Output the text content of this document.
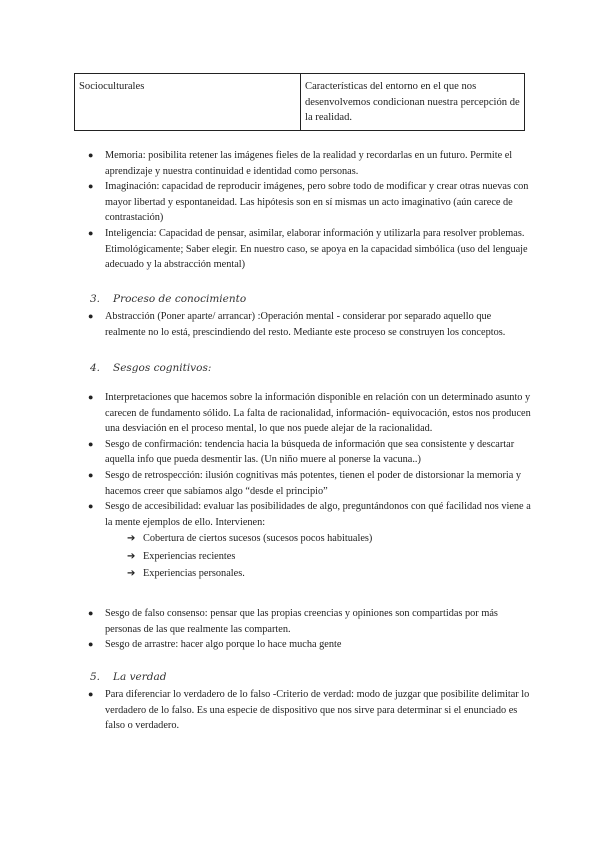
Socioculturales	Características del entorno en el que nos desenvolvemos condicionan nuestra percepción de la realidad.
● Memoria: posibilita retener las imágenes fieles de la realidad y recordarlas en un futuro. Permite el aprendizaje y nuestra continuidad e identidad como personas.
● Imaginación: capacidad de reproducir imágenes, pero sobre todo de modificar y crear otras nuevas con mayor libertad y espontaneidad. Las hipótesis son en sí mismas un acto imaginativo (aún carece de contrastación)
● Inteligencia: Capacidad de pensar, asimilar, elaborar información y utilizarla para resolver problemas. Etimológicamente; Saber elegir. En nuestro caso, se apoya en la capacidad simbólica (uso del lenguaje adecuado y la abstracción mental)
3. Proceso de conocimiento
● Abstracción (Poner aparte/ arrancar) :Operación mental - considerar por separado aquello que realmente no lo está, prescindiendo del resto. Mediante este proceso se construyen los conceptos.
4. Sesgos cognitivos:
● Interpretaciones que hacemos sobre la información disponible en relación con un determinado asunto y carecen de fundamento sólido. La falta de racionalidad, información- equivocación, estos nos producen una desviación en el proceso mental, lo que nos puede alejar de la racionalidad.
● Sesgo de confirmación: tendencia hacia la búsqueda de información que sea consistente y descartar aquella info que pueda desmentir las. (Un niño muere al ponerse la vacuna..)
● Sesgo de retrospección: ilusión cognitivas más potentes, tienen el poder de distorsionar la memoria y hacemos creer que sabíamos algo “desde el principio”
● Sesgo de accesibilidad: evaluar las posibilidades de algo, preguntándonos con qué facilidad nos viene a la mente ejemplos de ello. Intervienen:
➔ Cobertura de ciertos sucesos (sucesos pocos habituales)
➔ Experiencias recientes
➔ Experiencias personales.
● Sesgo de falso consenso: pensar que las propias creencias y opiniones son compartidas por más personas de las que realmente las comparten.
● Sesgo de arrastre: hacer algo porque lo hace mucha gente
5. La verdad
● Para diferenciar lo verdadero de lo falso -Criterio de verdad: modo de juzgar que posibilite delimitar lo verdadero de lo falso. Es una especie de dispositivo que nos sirve para determinar si el enunciado es falso o verdadero.
